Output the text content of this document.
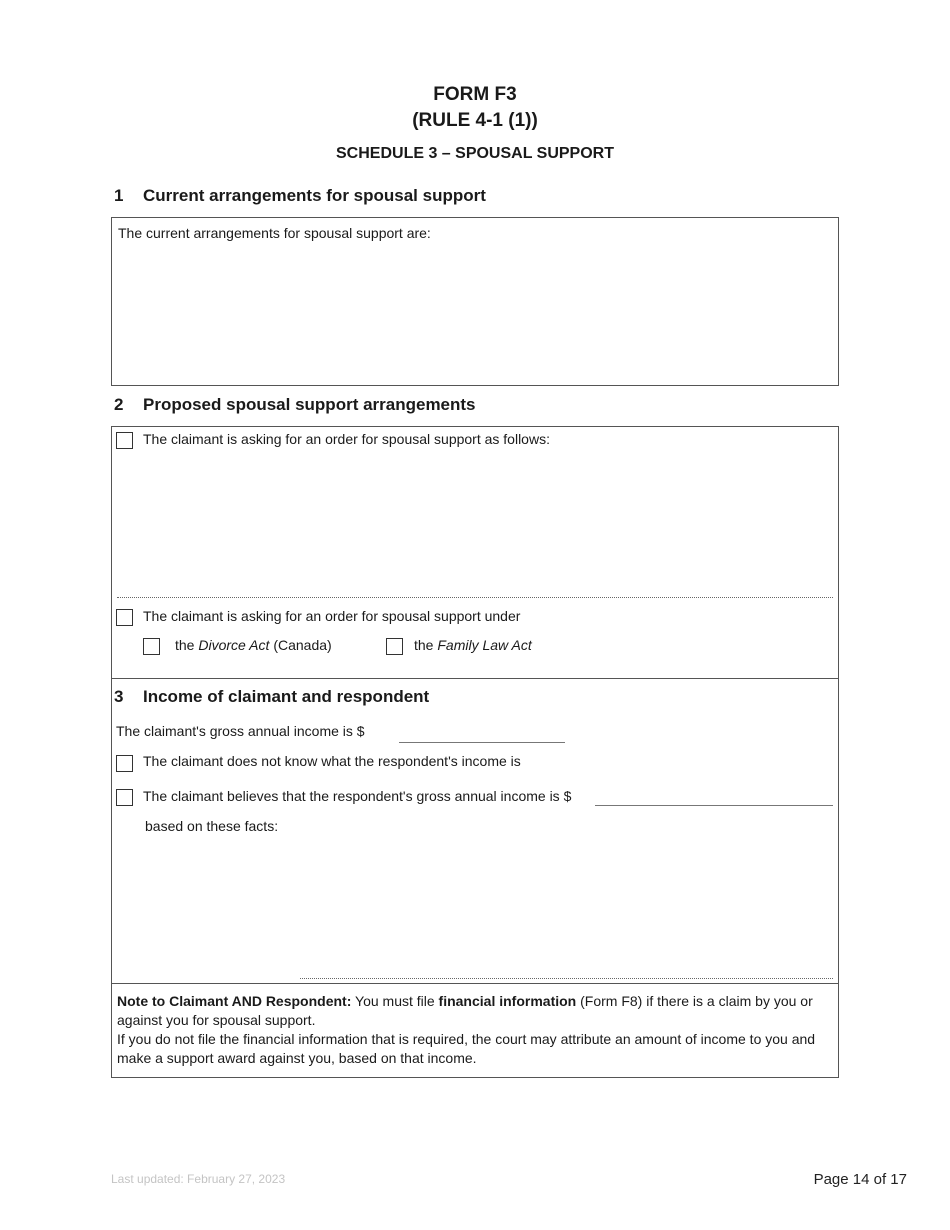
FORM F3
(RULE 4-1 (1))
SCHEDULE 3 – SPOUSAL SUPPORT
1 Current arrangements for spousal support
The current arrangements for spousal support are:
2 Proposed spousal support arrangements
The claimant is asking for an order for spousal support as follows:
The claimant is asking for an order for spousal support under
the Divorce Act (Canada)	the Family Law Act
3 Income of claimant and respondent
The claimant's gross annual income is $
The claimant does not know what the respondent's income is
The claimant believes that the respondent's gross annual income is $
based on these facts:
Note to Claimant AND Respondent: You must file financial information (Form F8) if there is a claim by you or against you for spousal support.
If you do not file the financial information that is required, the court may attribute an amount of income to you and make a support award against you, based on that income.
Last updated: February 27, 2023	Page 14 of 17
